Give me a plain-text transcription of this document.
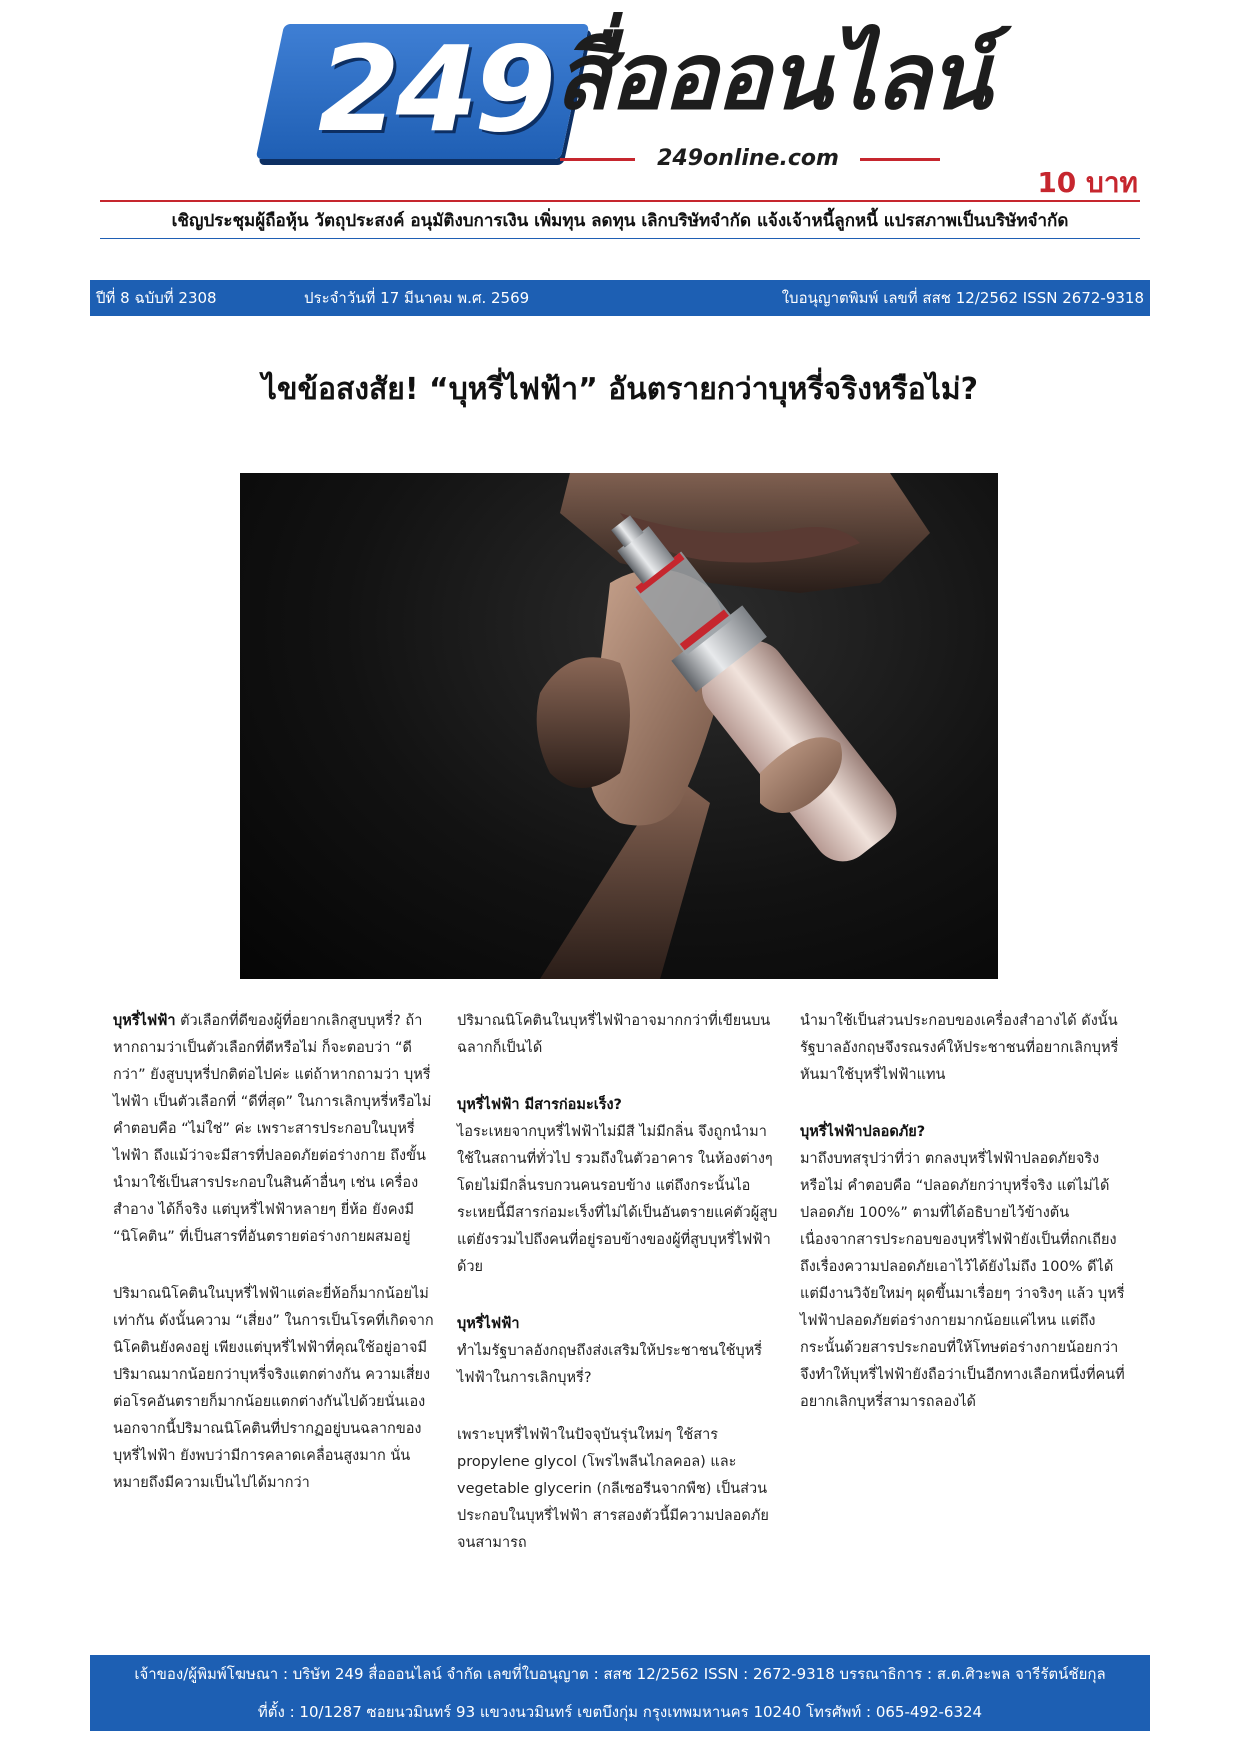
249 สื่อออนไลน์
249online.com
10 บาท
เชิญประชุมผู้ถือหุ้น วัตถุประสงค์ อนุมัติงบการเงิน เพิ่มทุน ลดทุน เลิกบริษัทจำกัด แจ้งเจ้าหนี้ลูกหนี้ แปรสภาพเป็นบริษัทจำกัด
ปีที่ 8 ฉบับที่ 2308	ประจำวันที่ 17 มีนาคม พ.ศ. 2569	ใบอนุญาตพิมพ์ เลขที่ สสช 12/2562 ISSN 2672-9318
ไขข้อสงสัย! “บุหรี่ไฟฟ้า” อันตรายกว่าบุหรี่จริงหรือไม่?

บุหรี่ไฟฟ้า ตัวเลือกที่ดีของผู้ที่อยากเลิกสูบบุหรี่? ถ้าหากถามว่าเป็นตัวเลือกที่ดีหรือไม่ ก็จะตอบว่า “ดีกว่า” ยังสูบบุหรี่ปกติต่อไปค่ะ แต่ถ้าหากถามว่า บุหรี่ไฟฟ้า เป็นตัวเลือกที่ “ดีที่สุด” ในการเลิกบุหรี่หรือไม่ คำตอบคือ “ไม่ใช่” ค่ะ เพราะสารประกอบในบุหรี่ไฟฟ้า ถึงแม้ว่าจะมีสารที่ปลอดภัยต่อร่างกาย ถึงขั้นนำมาใช้เป็นสารประกอบในสินค้าอื่นๆ เช่น เครื่องสำอาง ได้ก็จริง แต่บุหรี่ไฟฟ้าหลายๆ ยี่ห้อ ยังคงมี “นิโคติน” ที่เป็นสารที่อันตรายต่อร่างกายผสมอยู่

ปริมาณนิโคตินในบุหรี่ไฟฟ้าแต่ละยี่ห้อก็มากน้อยไม่เท่ากัน ดังนั้นความ “เสี่ยง” ในการเป็นโรคที่เกิดจากนิโคตินยังคงอยู่ เพียงแต่บุหรี่ไฟฟ้าที่คุณใช้อยู่อาจมีปริมาณมากน้อยกว่าบุหรี่จริงแตกต่างกัน ความเสี่ยงต่อโรคอันตรายก็มากน้อยแตกต่างกันไปด้วยนั่นเอง นอกจากนี้ปริมาณนิโคตินที่ปรากฏอยู่บนฉลากของบุหรี่ไฟฟ้า ยังพบว่ามีการคลาดเคลื่อนสูงมาก นั่นหมายถึงมีความเป็นไปได้มากว่า

ปริมาณนิโคตินในบุหรี่ไฟฟ้าอาจมากกว่าที่เขียนบนฉลากก็เป็นได้

บุหรี่ไฟฟ้า มีสารก่อมะเร็ง?

ไอระเหยจากบุหรี่ไฟฟ้าไม่มีสี ไม่มีกลิ่น จึงถูกนำมาใช้ในสถานที่ทั่วไป รวมถึงในตัวอาคาร ในห้องต่างๆ โดยไม่มีกลิ่นรบกวนคนรอบข้าง แต่ถึงกระนั้นไอระเหยนี้มีสารก่อมะเร็งที่ไม่ได้เป็นอันตรายแค่ตัวผู้สูบ แต่ยังรวมไปถึงคนที่อยู่รอบข้างของผู้ที่สูบบุหรี่ไฟฟ้าด้วย

บุหรี่ไฟฟ้า

ทำไมรัฐบาลอังกฤษถึงส่งเสริมให้ประชาชนใช้บุหรี่ไฟฟ้าในการเลิกบุหรี่?

เพราะบุหรี่ไฟฟ้าในปัจจุบันรุ่นใหม่ๆ ใช้สาร propylene glycol (โพรไพลีนไกลคอล) และ vegetable glycerin (กลีเซอรีนจากพืช) เป็นส่วนประกอบในบุหรี่ไฟฟ้า สารสองตัวนี้มีความปลอดภัยจนสามารถ

นำมาใช้เป็นส่วนประกอบของเครื่องสำอางได้ ดังนั้นรัฐบาลอังกฤษจึงรณรงค์ให้ประชาชนที่อยากเลิกบุหรี่ หันมาใช้บุหรี่ไฟฟ้าแทน

บุหรี่ไฟฟ้าปลอดภัย?

มาถึงบทสรุปว่าที่ว่า ตกลงบุหรี่ไฟฟ้าปลอดภัยจริงหรือไม่ คำตอบคือ “ปลอดภัยกว่าบุหรี่จริง แต่ไม่ได้ปลอดภัย 100%” ตามที่ได้อธิบายไว้ข้างต้น เนื่องจากสารประกอบของบุหรี่ไฟฟ้ายังเป็นที่ถกเถียงถึงเรื่องความปลอดภัยเอาไว้ได้ยังไม่ถึง 100% ดีได้แต่มีงานวิจัยใหม่ๆ ผุดขึ้นมาเรื่อยๆ ว่าจริงๆ แล้ว บุหรี่ไฟฟ้าปลอดภัยต่อร่างกายมากน้อยแค่ไหน แต่ถึงกระนั้นด้วยสารประกอบที่ให้โทษต่อร่างกายน้อยกว่า จึงทำให้บุหรี่ไฟฟ้ายังถือว่าเป็นอีกทางเลือกหนึ่งที่คนที่อยากเลิกบุหรี่สามารถลองได้

เจ้าของ/ผู้พิมพ์โฆษณา : บริษัท 249 สื่อออนไลน์ จำกัด เลขที่ใบอนุญาต : สสช 12/2562 ISSN : 2672-9318 บรรณาธิการ : ส.ต.ศิวะพล จารีรัตน์ชัยกุล
ที่ตั้ง : 10/1287 ซอยนวมินทร์ 93 แขวงนวมินทร์ เขตบึงกุ่ม กรุงเทพมหานคร 10240 โทรศัพท์ : 065-492-6324
